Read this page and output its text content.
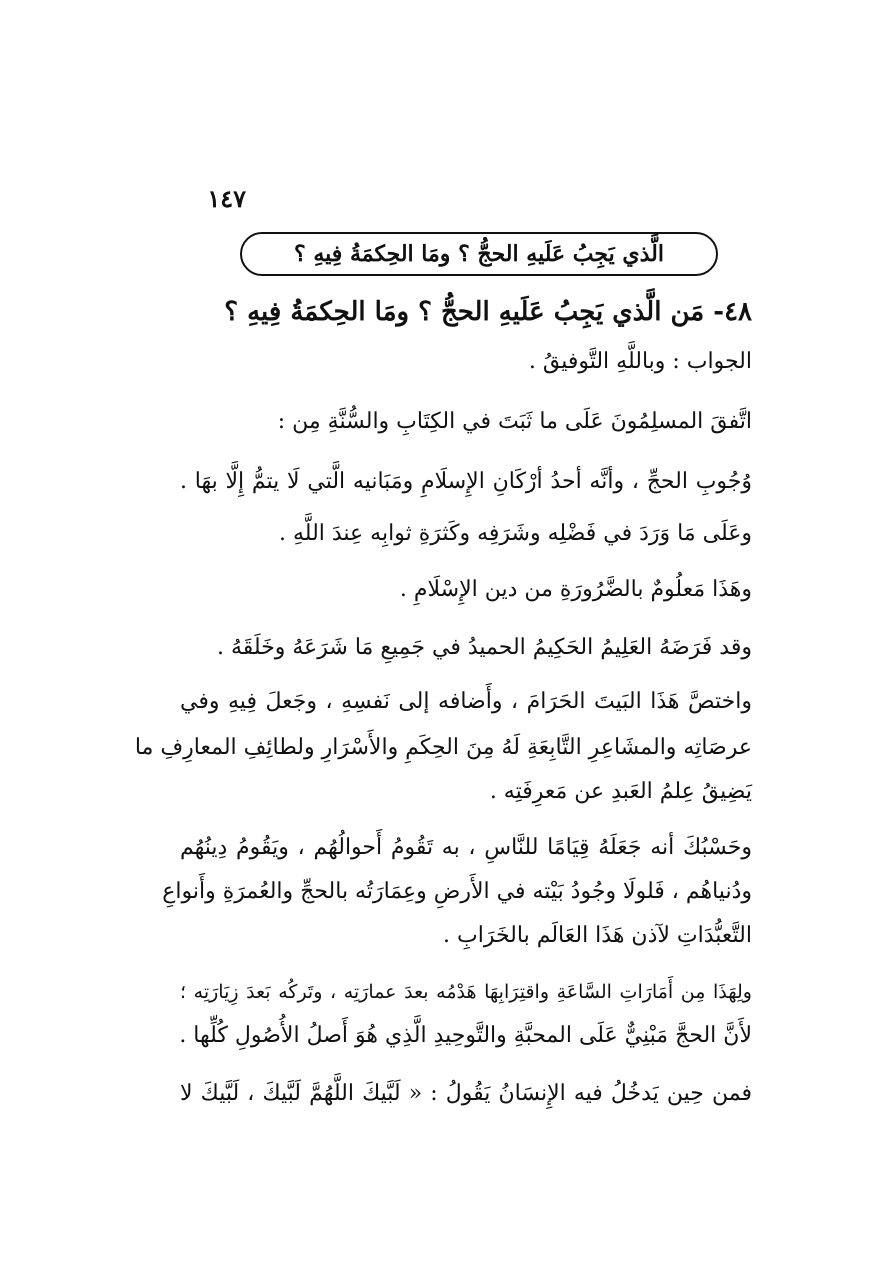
١٤٧
الَّذي يَجِبُ عَلَيهِ الحجُّ ؟ ومَا الحِكمَةُ فِيهِ ؟
٤٨- مَن الَّذي يَجِبُ عَلَيهِ الحجُّ ؟ ومَا الحِكمَةُ فِيهِ ؟
الجواب : وباللَّهِ التَّوفيقُ .
اتَّفقَ المسلِمُونَ عَلَى ما ثَبَتَ في الكِتَابِ والسُّنَّةِ مِن :
وُجُوبِ الحجِّ ، وأنَّه أحدُ أرْكَانِ الإِسلَامِ ومَبَانيه الَّتي لَا يتمُّ إِلَّا بهَا .
وعَلَى مَا وَرَدَ في فَضْلِه وشَرَفِه وكَثرَةِ ثوابِه عِندَ اللَّهِ .
وهَذَا مَعلُومٌ بالضَّرُورَةِ من دين الإِسْلَامِ .
وقد فَرَضَهُ العَلِيمُ الحَكِيمُ الحميدُ في جَمِيعِ مَا شَرَعَهُ وخَلَقَهُ .
واختصَّ هَذَا البَيتَ الحَرَامَ ، وأَضافه إلى نَفسِهِ ، وجَعلَ فِيهِ وفي
عرصَاتِه والمشَاعِرِ التَّابِعَةِ لَهُ مِنَ الحِكَمِ والأَسْرَارِ ولطائِفِ المعارِفِ ما
يَضِيقُ عِلمُ العَبدِ عن مَعرِفَتِه .
وحَسْبُكَ أنه جَعَلَهُ قِيَامًا للنَّاسِ ، به تَقُومُ أَحوالُهُم ، ويَقُومُ دِينُهُم
ودُنياهُم ، فَلولَا وجُودُ بَيْته في الأَرضِ وعِمَارَتُه بالحجِّ والعُمرَةِ وأَنواعِ
التَّعبُّدَاتِ لآذن هَذَا العَالَم بالخَرَابِ .
ولِهَذَا مِن أَمَارَاتِ السَّاعَةِ واقتِرَابِهَا هَدْمُه بعدَ عمارَتِه ، وتَركُه بَعدَ زِيَارَتِه ؛
لأَنَّ الحجَّ مَبْنِيٌّ عَلَى المحبَّةِ والتَّوحِيدِ الَّذِي هُوَ أَصلُ الأُصُولِ كُلِّها .
فمن حِين يَدخُلُ فيه الإِنسَانُ يَقُولُ : « لَبَّيكَ اللَّهُمَّ لَبَّيكَ ، لَبَّيكَ لا
